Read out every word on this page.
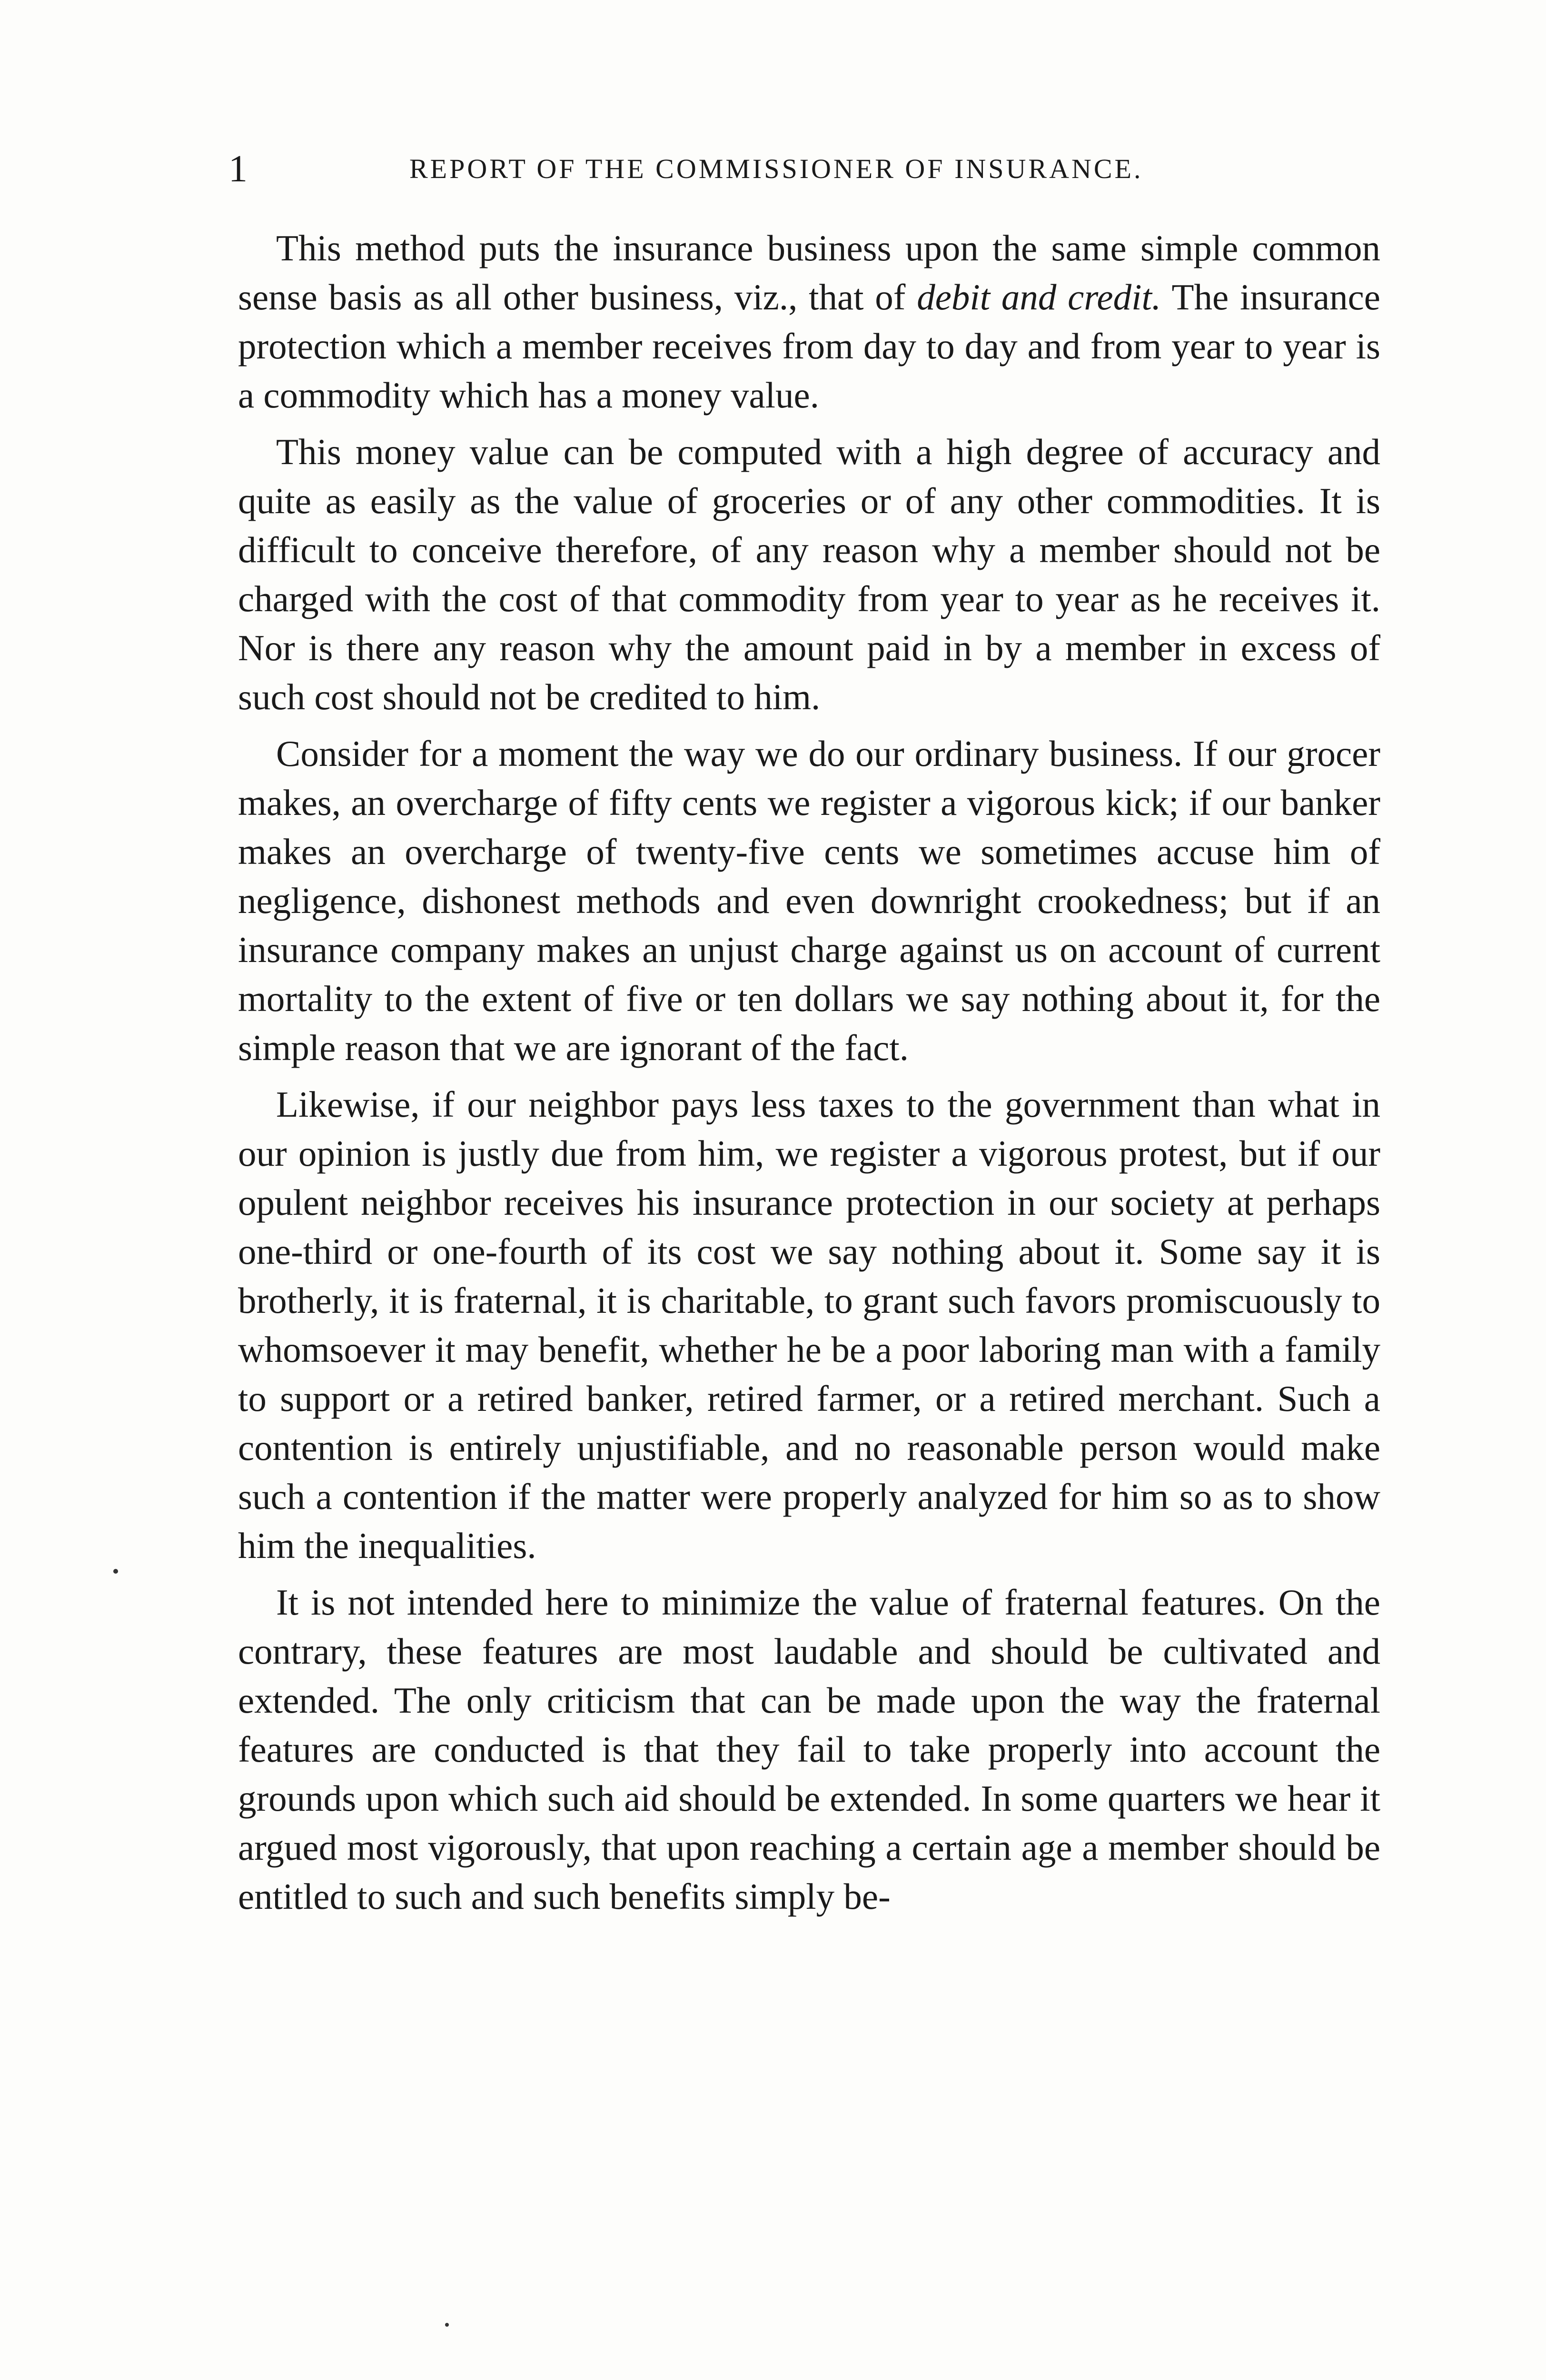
1	REPORT OF THE COMMISSIONER OF INSURANCE.

This method puts the insurance business upon the same simple common sense basis as all other business, viz., that of debit and credit. The insurance protection which a member receives from day to day and from year to year is a commodity which has a money value.

This money value can be computed with a high degree of accuracy and quite as easily as the value of groceries or of any other commodities. It is difficult to conceive therefore, of any reason why a member should not be charged with the cost of that commodity from year to year as he receives it. Nor is there any reason why the amount paid in by a member in excess of such cost should not be credited to him.

Consider for a moment the way we do our ordinary business. If our grocer makes, an overcharge of fifty cents we register a vigorous kick; if our banker makes an overcharge of twenty-five cents we sometimes accuse him of negligence, dishonest methods and even downright crookedness; but if an insurance company makes an unjust charge against us on account of current mortality to the extent of five or ten dollars we say nothing about it, for the simple reason that we are ignorant of the fact.

Likewise, if our neighbor pays less taxes to the government than what in our opinion is justly due from him, we register a vigorous protest, but if our opulent neighbor receives his insurance protection in our society at perhaps one-third or one-fourth of its cost we say nothing about it. Some say it is brotherly, it is fraternal, it is charitable, to grant such favors promiscuously to whomsoever it may benefit, whether he be a poor laboring man with a family to support or a retired banker, retired farmer, or a retired merchant. Such a contention is entirely unjustifiable, and no reasonable person would make such a contention if the matter were properly analyzed for him so as to show him the inequalities.

It is not intended here to minimize the value of fraternal features. On the contrary, these features are most laudable and should be cultivated and extended. The only criticism that can be made upon the way the fraternal features are conducted is that they fail to take properly into account the grounds upon which such aid should be extended. In some quarters we hear it argued most vigorously, that upon reaching a certain age a member should be entitled to such and such benefits simply be-
